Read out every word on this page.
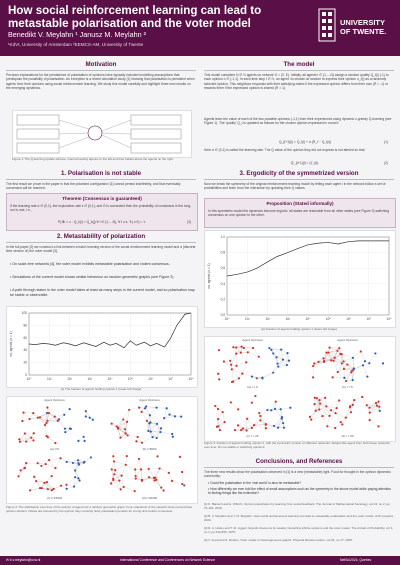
How social reinforcement learning can lead to metastable polarisation and the voter model
Benedikt V. Meylahn ¹ Janusz M. Meylahn ²
¹KdVI, University of Amsterdam ²EEMCS-AM, University of Twente
UNIVERSITY OF TWENTE.
Motivation
Previous explanations for the persistence of polarisation of opinions have typically included modelling assumptions that predispose the possibility of polarisation. An exception is a recent simulation study [1] showing that polarisation is persistent when agents form their opinions using social reinforcement learning. We study this model carefully and highlight three new results on the emerging dynamics.
Figure 1: The Q-learning update scheme, interconnecting agents on the left and their beliefs about the agents on the right.
The model
This model considers N ∈ ℕ agents on network G = (V, E). Initially, all agents i ∈ {1,...,N} assign a random quality Q_t(i) (-1) to each opinion o ∈ {-1,1}. In each time step t ∈ ℕ, an agent i is chosen at random to express their opinion o_t(i) as a randomly selected opinion. This neighbour responds with their satisfying matrix if the expressed opinion differs from their own (R = -1) or rewards them if the expressed opinion is shared (R = 1).
Agents learn the value of each of the two possible opinions (-1,1) from their experiences using dynamic ε-greedy Q-learning (see Figure 1). The 'quality' Q_t is updated as follows for the chosen opinion expressed in round t:
Q_{t+1}(i) = Q_t(i) + α (R_t − Q_t(i))	(1)
Here α ∈ (0,1) is called the learning rate. The Q value of the opinion they did not express is not altered so that
Q'_{t+1}(i) = Q'_t(i).	(2)
1. Polarisation is not stable
The first result we prove in the paper is that the polarised configuration [1] cannot persist indefinitely, and that eventually consensus will be reached.
Theorem (Consensus is guaranteed)
If the learning rate α ∈ (0,1), the exploration rate ε ∈ (0,1), and G is connected then the probability of consensus in the long run is one, i.e.,
P(∃k < ∞ : Q_k(i) > Q_k(j) ∀ i ∈ {1,...,N}, ∀ t ≥ k, ∃ j ≥ 0) = 1.	(3)
2. Metastability of polarization
In the full paper [2] we construct a link between a batch learning version of the social reinforcement learning model and a (discrete time version of) the voter model [3].
• On scale-free networks [4], the voter model exhibits metastable polarisation and violent consensus.
• Simulations of the current model shows similar behaviour on random geometric graphs (see Figure 2).
• A path through states in the voter model takes at least as many steps in the current model, and so polarisation may be stable or observable.
10⁰	10¹	10²	10³	10⁴	10⁵	10⁶	10⁷	10⁸
0
20
40
60
80
100
no. agents (o = 1)
(a) The fraction of agents holding opinion 1 (lower left image)
Agent Opinions	Agent Opinions
(a) t=0	(b) t=5000
(c) t=15000	(d) t=40000
Figure 2: The distribution over time of the opinion of agents for a random geometric graph. Four snapshots of the network show red and blue opinion clusters. Nodes are coloured by the opinion they currently hold; polarisation persists for a long time before consensus.
3. Ergodicity of the symmetrized version
Now we break the symmetry of the original reinforcement learning model by letting each agent i in the network follow a set of probabilities and learn from the interaction by updating their Q values.
Proposition (Stated informally)
In this symmetric model the dynamics become ergodic: all states are reachable from all other states (see Figure 3) switching consensus on one opinion to the other.
10⁰	10¹	10²	10³	10⁴	10⁵	10⁶	10⁷	10⁸
0.0
0.2
0.4
0.6
0.8
1.0
no. agents (o = 1)
(a) Fraction of agents holding opinion 1 (lower left image)
Agent Opinions	Agent Opinions
(a) t = 0	(b) t = 5
(c) t = 25	(d) t = 60
Figure 3: Fraction of agents holding opinion 1, with the symmetric version on different networks. Subject like agent from both these networks over time. Do not stable or switching opinions.
Conclusions, and References
The three new results show the polarisation observed in [1] is a new (metastable) light. Food for thought in the opinion dynamics community:
• Could the polarisation in the 'real world' is also be metastable?
• How differently we ever told the effect of small assumptions such as the symmetry in the above model while paying attention to finding things like the extinction?
[1] K. Banisch and E. Olbrich, Opinion polarization by learning from social feedback. The Journal of Mathematical Sociology, vol 43, no 2, pp 76-103, 2019.
[2] B. V. Meylahn and J. M. Meylahn. How social reinforcement learning can lead to metastable polarisation and the voter model. arXiv preprint, 2024.
[3] R. A. Holley and T. M. Liggett, Ergodic theorems for weakly interacting infinite systems and the voter model. The Annals of Probability, vol 3, no 4, pp 643-663, 1975.
[4] V. Sood and S. Redner, Voter model on heterogeneous graphs. Physical Review Letters, vol 94, no 17, 2005.
✉ b.v.meylahn@uva.nl	International Conference and Conferences on Network Science	NetSci2024, Quebec
